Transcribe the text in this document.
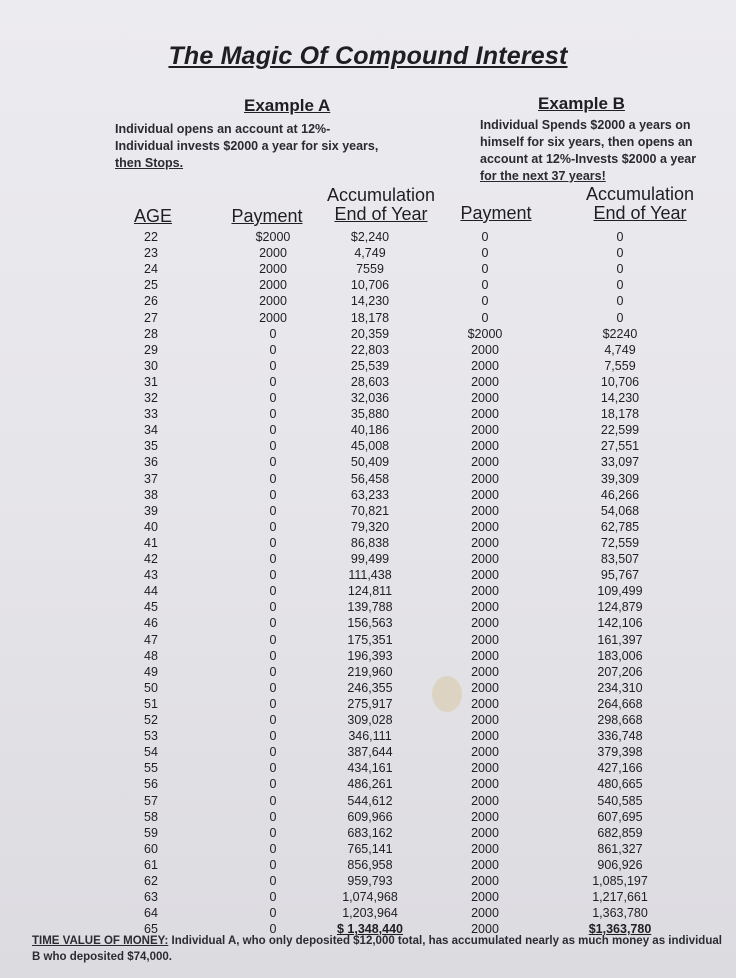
The Magic Of Compound Interest
Example A
Individual opens an account at 12%-
Individual invests $2000 a year for six years,
then Stops.
Example B
Individual Spends $2000 a years on
himself for six years, then opens an
account at 12%-Invests $2000 a year
for the next 37 years!
AGE	Payment
Accumulation
End of Year	Payment
Accumulation
End of Year
22	$2000	$2,240	0	0
23	2000	4,749	0	0
24	2000	7559	0	0
25	2000	10,706	0	0
26	2000	14,230	0	0
27	2000	18,178	0	0
28	0	20,359	$2000	$2240
29	0	22,803	2000	4,749
30	0	25,539	2000	7,559
31	0	28,603	2000	10,706
32	0	32,036	2000	14,230
33	0	35,880	2000	18,178
34	0	40,186	2000	22,599
35	0	45,008	2000	27,551
36	0	50,409	2000	33,097
37	0	56,458	2000	39,309
38	0	63,233	2000	46,266
39	0	70,821	2000	54,068
40	0	79,320	2000	62,785
41	0	86,838	2000	72,559
42	0	99,499	2000	83,507
43	0	111,438	2000	95,767
44	0	124,811	2000	109,499
45	0	139,788	2000	124,879
46	0	156,563	2000	142,106
47	0	175,351	2000	161,397
48	0	196,393	2000	183,006
49	0	219,960	2000	207,206
50	0	246,355	2000	234,310
51	0	275,917	2000	264,668
52	0	309,028	2000	298,668
53	0	346,111	2000	336,748
54	0	387,644	2000	379,398
55	0	434,161	2000	427,166
56	0	486,261	2000	480,665
57	0	544,612	2000	540,585
58	0	609,966	2000	607,695
59	0	683,162	2000	682,859
60	0	765,141	2000	861,327
61	0	856,958	2000	906,926
62	0	959,793	2000	1,085,197
63	0	1,074,968	2000	1,217,661
64	0	1,203,964	2000	1,363,780
65	0	$ 1,348,440	2000	$1,363,780
TIME VALUE OF MONEY: Individual A, who only deposited $12,000 total, has accumulated nearly as much money as individual B who deposited $74,000.
